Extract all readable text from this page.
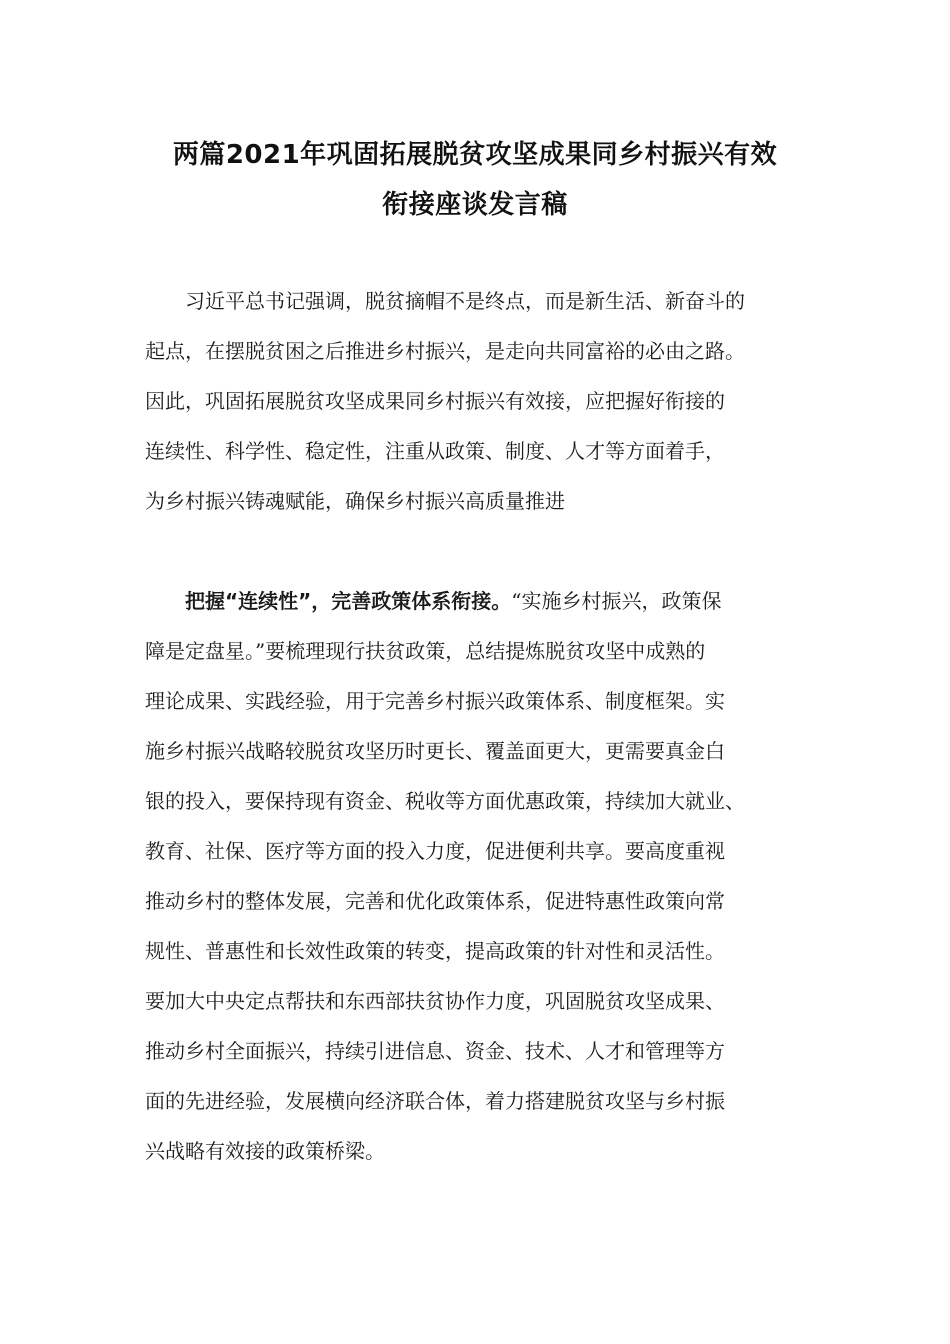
两篇2021年巩固拓展脱贫攻坚成果同乡村振兴有效
衔接座谈发言稿
习近平总书记强调，脱贫摘帽不是终点，而是新生活、新奋斗的
起点，在摆脱贫困之后推进乡村振兴，是走向共同富裕的必由之路。
因此，巩固拓展脱贫攻坚成果同乡村振兴有效接，应把握好衔接的
连续性、科学性、稳定性，注重从政策、制度、人才等方面着手，
为乡村振兴铸魂赋能，确保乡村振兴高质量推进
把握“连续性”，完善政策体系衔接。“实施乡村振兴，政策保
障是定盘星。”要梳理现行扶贫政策，总结提炼脱贫攻坚中成熟的
理论成果、实践经验，用于完善乡村振兴政策体系、制度框架。实
施乡村振兴战略较脱贫攻坚历时更长、覆盖面更大，更需要真金白
银的投入，要保持现有资金、税收等方面优惠政策，持续加大就业、
教育、社保、医疗等方面的投入力度，促进便利共享。要高度重视
推动乡村的整体发展，完善和优化政策体系，促进特惠性政策向常
规性、普惠性和长效性政策的转变，提高政策的针对性和灵活性。
要加大中央定点帮扶和东西部扶贫协作力度，巩固脱贫攻坚成果、
推动乡村全面振兴，持续引进信息、资金、技术、人才和管理等方
面的先进经验，发展横向经济联合体，着力搭建脱贫攻坚与乡村振
兴战略有效接的政策桥梁。
